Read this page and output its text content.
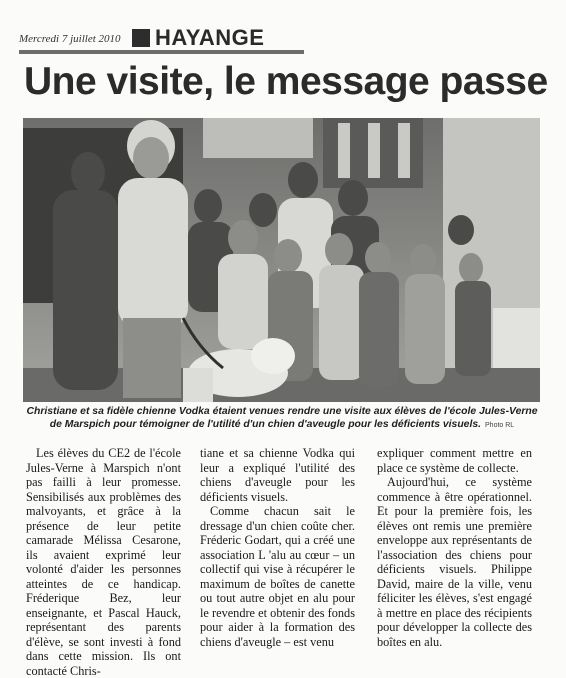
Mercredi 7 juillet 2010 HAYANGE
Une visite, le message passe
Christiane et sa fidèle chienne Vodka étaient venues rendre une visite aux élèves de l'école Jules-Verne de Marspich pour témoigner de l'utilité d'un chien d'aveugle pour les déficients visuels. Photo RL

Les élèves du CE2 de l'école Jules-Verne à Marspich n'ont pas failli à leur promesse. Sensibilisés aux problèmes des malvoyants, et grâce à la présence de leur petite camarade Mélissa Cesarone, ils avaient exprimé leur volonté d'aider les personnes atteintes de ce handicap. Fréderique Bez, leur enseignante, et Pascal Hauck, représentant des parents d'élève, se sont investi à fond dans cette mission. Ils ont contacté Chris-

tiane et sa chienne Vodka qui leur a expliqué l'utilité des chiens d'aveugle pour les déficients visuels.

Comme chacun sait le dressage d'un chien coûte cher. Fréderic Godart, qui a créé une association L 'alu au cœur – un collectif qui vise à récupérer le maximum de boîtes de canette ou tout autre objet en alu pour le revendre et obtenir des fonds pour aider à la formation des chiens d'aveugle – est venu

expliquer comment mettre en place ce système de collecte.

Aujourd'hui, ce système commence à être opérationnel. Et pour la première fois, les élèves ont remis une première enveloppe aux représentants de l'association des chiens pour déficients visuels. Philippe David, maire de la ville, venu féliciter les élèves, s'est engagé à mettre en place des récipients pour développer la collecte des boîtes en alu.
